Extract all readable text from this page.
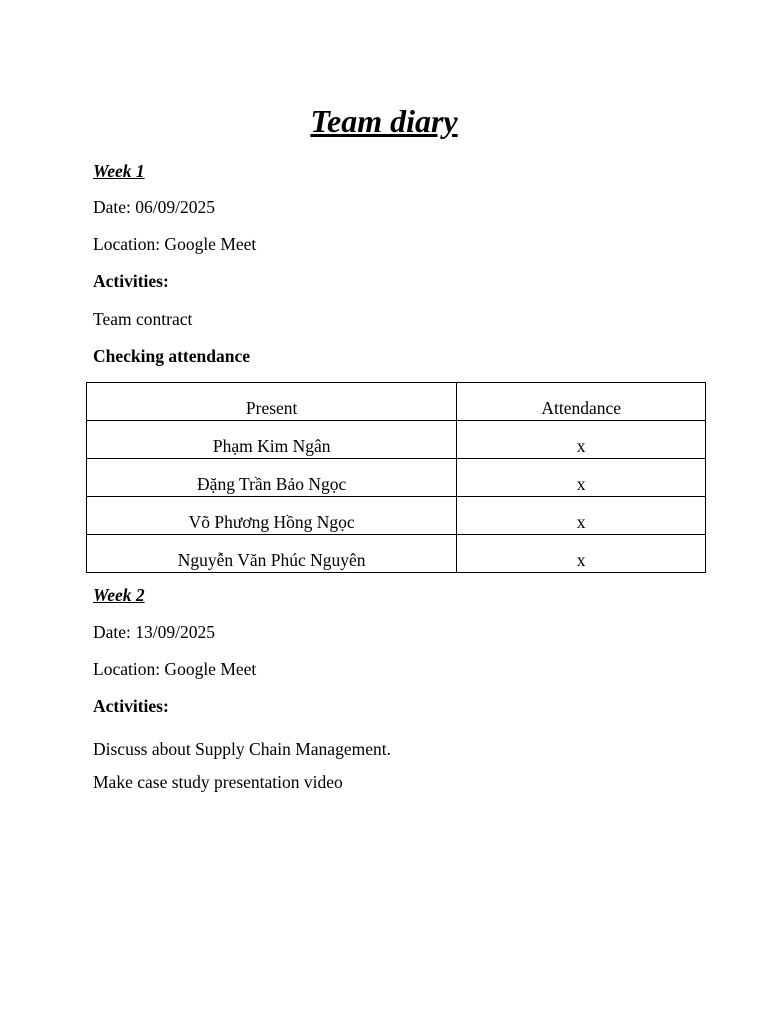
Team diary
Week 1
Date: 06/09/2025
Location: Google Meet
Activities:
Team contract
Checking attendance
Present	Attendance
Phạm Kim Ngân	x
Đặng Trần Bảo Ngọc	x
Võ Phương Hồng Ngọc	x
Nguyễn Văn Phúc Nguyên	x
Week 2
Date: 13/09/2025
Location: Google Meet
Activities:
Discuss about Supply Chain Management.
Make case study presentation video
